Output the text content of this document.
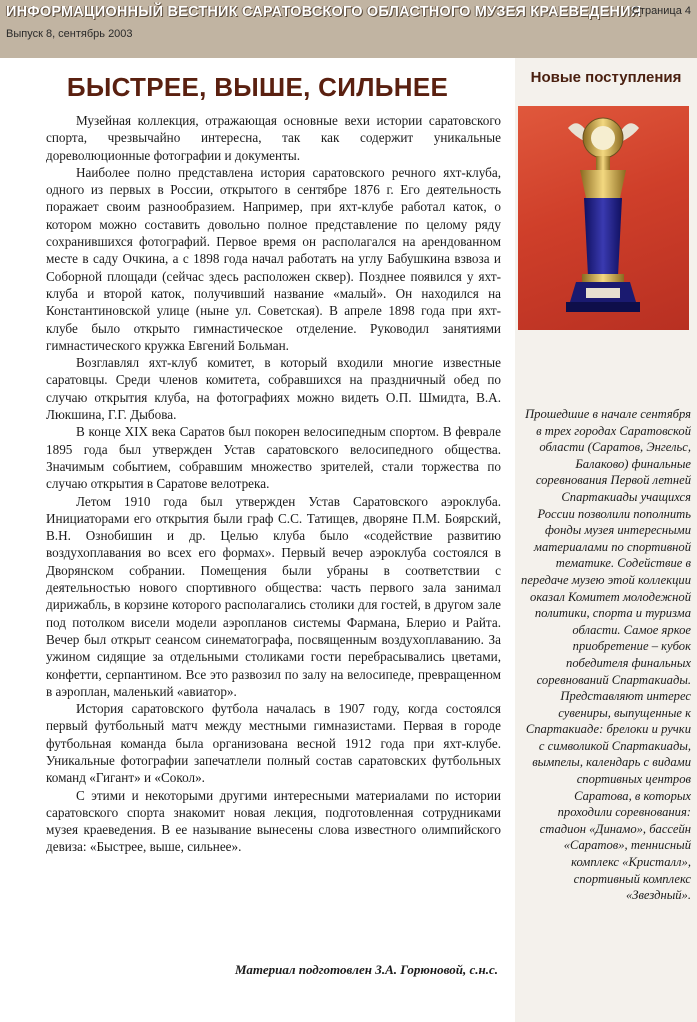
ИНФОРМАЦИОННЫЙ ВЕСТНИК САРАТОВСКОГО ОБЛАСТНОГО МУЗЕЯ КРАЕВЕДЕНИЯ
Выпуск 8, сентябрь 2003
Страница 4
БЫСТРЕЕ, ВЫШЕ, СИЛЬНЕЕ

Музейная коллекция, отражающая основные вехи истории саратовского спорта, чрезвычайно интересна, так как содержит уникальные дореволюционные фотографии и документы.

Наиболее полно представлена история саратовского речного яхт-клуба, одного из первых в России, открытого в сентябре 1876 г. Его деятельность поражает своим разнообразием. Например, при яхт-клубе работал каток, о котором можно составить довольно полное представление по целому ряду сохранившихся фотографий. Первое время он располагался на арендованном месте в саду Очкина, а с 1898 года начал работать на углу Бабушкина взвоза и Соборной площади (сейчас здесь расположен сквер). Позднее появился у яхт-клуба и второй каток, получивший название «малый». Он находился на Константиновской улице (ныне ул. Советская). В апреле 1898 года при яхт-клубе было открыто гимнастическое отделение. Руководил занятиями гимнастического кружка Евгений Больман.

Возглавлял яхт-клуб комитет, в который входили многие известные саратовцы. Среди членов комитета, собравшихся на праздничный обед по случаю открытия клуба, на фотографиях можно видеть О.П. Шмидта, В.А. Люкшина, Г.Г. Дыбова.

В конце XIX века Саратов был покорен велосипедным спортом. В феврале 1895 года был утвержден Устав саратовского велосипедного общества. Значимым событием, собравшим множество зрителей, стали торжества по случаю открытия в Саратове велотрека.

Летом 1910 года был утвержден Устав Саратовского аэроклуба. Инициаторами его открытия были граф С.С. Татищев, дворяне П.М. Боярский, В.Н. Ознобишин и др. Целью клуба было «содействие развитию воздухоплавания во всех его формах». Первый вечер аэроклуба состоялся в Дворянском собрании. Помещения были убраны в соответствии с деятельностью нового спортивного общества: часть первого зала занимал дирижабль, в корзине которого располагались столики для гостей, в другом зале под потолком висели модели аэропланов системы Фармана, Блерио и Райта. Вечер был открыт сеансом синематографа, посвященным воздухоплаванию. За ужином сидящие за отдельными столиками гости перебрасывались цветами, конфетти, серпантином. Все это развозил по залу на велосипеде, превращенном в аэроплан, маленький «авиатор».

История саратовского футбола началась в 1907 году, когда состоялся первый футбольный матч между местными гимназистами. Первая в городе футбольная команда была организована весной 1912 года при яхт-клубе. Уникальные фотографии запечатлели полный состав саратовских футбольных команд «Гигант» и «Сокол».

С этими и некоторыми другими интересными материалами по истории саратовского спорта знакомит новая лекция, подготовленная сотрудниками музея краеведения. В ее называние вынесены слова известного олимпийского девиза: «Быстрее, выше, сильнее».

Материал подготовлен З.А. Горюновой, с.н.с.
Новые поступления
Прошедшие в начале сентября в трех городах Саратовской области (Саратов, Энгельс, Балаково) финальные соревнования Первой летней Спартакиады учащихся России позволили пополнить фонды музея интересными материалами по спортивной тематике. Содействие в передаче музею этой коллекции оказал Комитет молодежной политики, спорта и туризма области. Самое яркое приобретение – кубок победителя финальных соревнований Спартакиады. Представляют интерес сувениры, выпущенные к Спартакиаде: брелоки и ручки с символикой Спартакиады, вымпелы, календарь с видами спортивных центров Саратова, в которых проходили соревнования: стадион «Динамо», бассейн «Саратов», теннисный комплекс «Кристалл», спортивный комплекс «Звездный».
